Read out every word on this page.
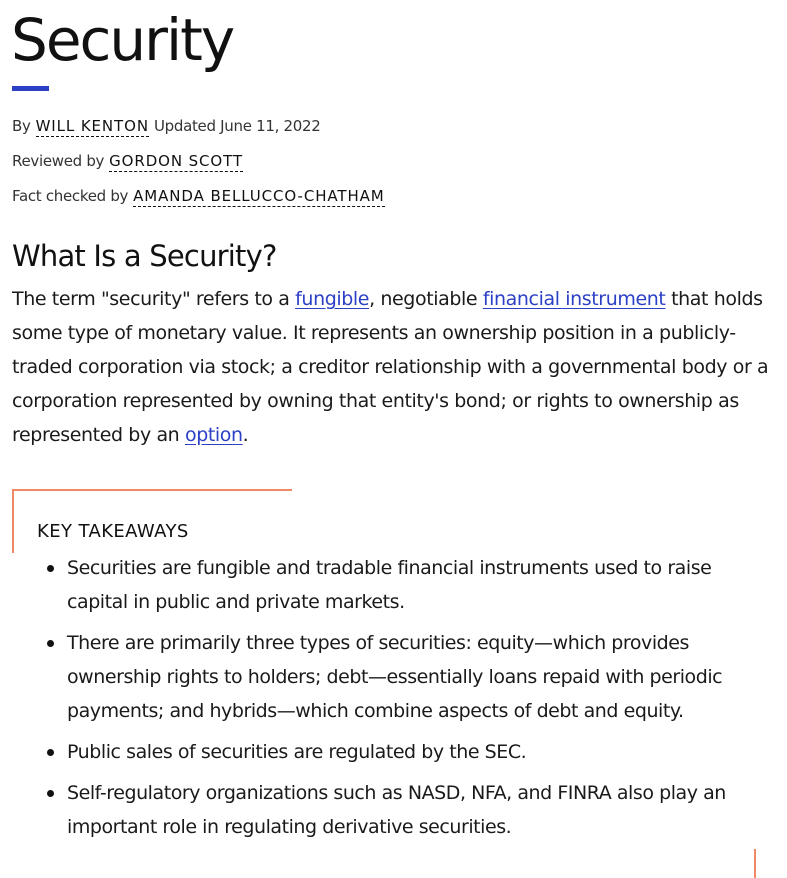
Security
By WILL KENTON Updated June 11, 2022
Reviewed by GORDON SCOTT
Fact checked by AMANDA BELLUCCO-CHATHAM
What Is a Security?

The term "security" refers to a fungible, negotiable financial instrument that holds some type of monetary value. It represents an ownership position in a publicly-traded corporation via stock; a creditor relationship with a governmental body or a corporation represented by owning that entity's bond; or rights to ownership as represented by an option.

KEY TAKEAWAYS
Securities are fungible and tradable financial instruments used to raise capital in public and private markets.
There are primarily three types of securities: equity—which provides ownership rights to holders; debt—essentially loans repaid with periodic payments; and hybrids—which combine aspects of debt and equity.
Public sales of securities are regulated by the SEC.
Self-regulatory organizations such as NASD, NFA, and FINRA also play an important role in regulating derivative securities.
